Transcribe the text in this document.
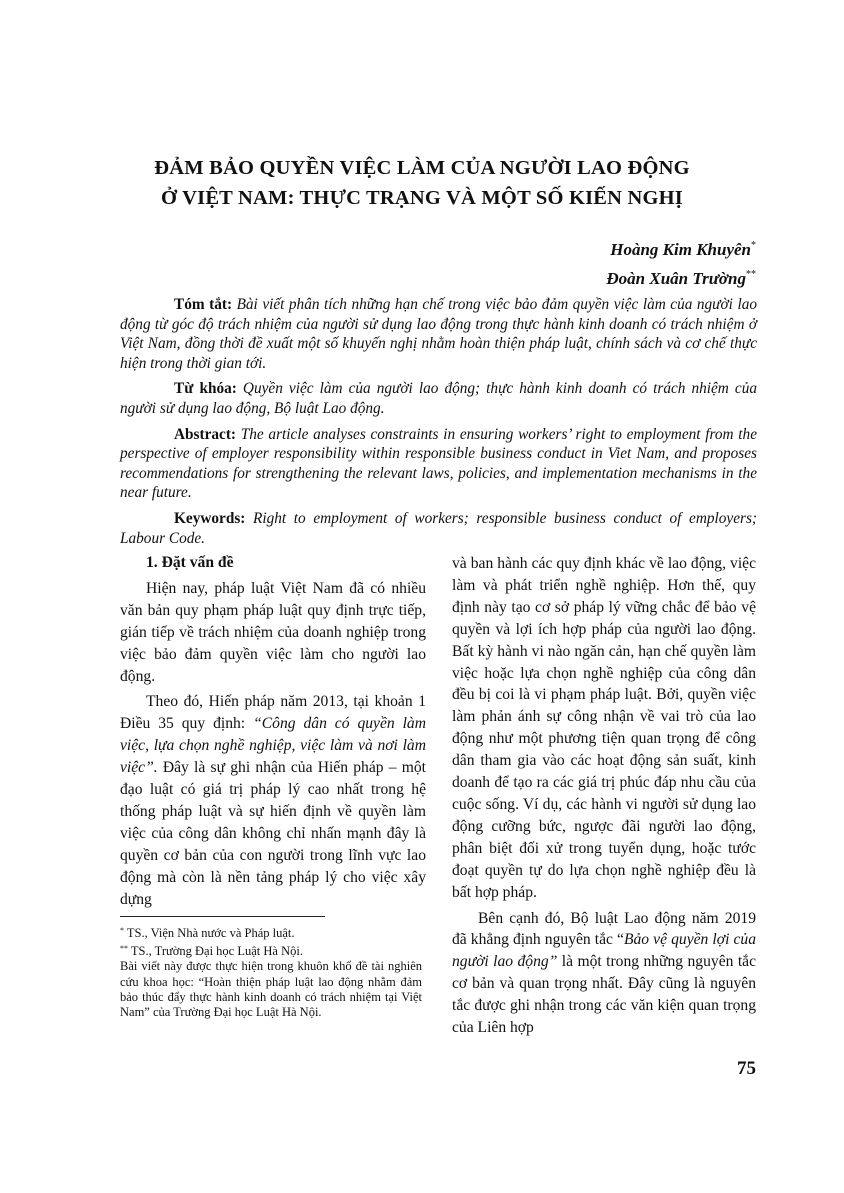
ĐẢM BẢO QUYỀN VIỆC LÀM CỦA NGƯỜI LAO ĐỘNG
Ở VIỆT NAM: THỰC TRẠNG VÀ MỘT SỐ KIẾN NGHỊ
Hoàng Kim Khuyên*
Đoàn Xuân Trường**

Tóm tắt: Bài viết phân tích những hạn chế trong việc bảo đảm quyền việc làm của người lao động từ góc độ trách nhiệm của người sử dụng lao động trong thực hành kinh doanh có trách nhiệm ở Việt Nam, đồng thời đề xuất một số khuyến nghị nhằm hoàn thiện pháp luật, chính sách và cơ chế thực hiện trong thời gian tới.

Từ khóa: Quyền việc làm của người lao động; thực hành kinh doanh có trách nhiệm của người sử dụng lao động, Bộ luật Lao động.

Abstract: The article analyses constraints in ensuring workers’ right to employment from the perspective of employer responsibility within responsible business conduct in Viet Nam, and proposes recommendations for strengthening the relevant laws, policies, and implementation mechanisms in the near future.

Keywords: Right to employment of workers; responsible business conduct of employers; Labour Code.

1. Đặt vấn đề

Hiện nay, pháp luật Việt Nam đã có nhiều văn bản quy phạm pháp luật quy định trực tiếp, gián tiếp về trách nhiệm của doanh nghiệp trong việc bảo đảm quyền việc làm cho người lao động.

Theo đó, Hiến pháp năm 2013, tại khoản 1 Điều 35 quy định: “Công dân có quyền làm việc, lựa chọn nghề nghiệp, việc làm và nơi làm việc”. Đây là sự ghi nhận của Hiến pháp – một đạo luật có giá trị pháp lý cao nhất trong hệ thống pháp luật và sự hiến định về quyền làm việc của công dân không chỉ nhấn mạnh đây là quyền cơ bản của con người trong lĩnh vực lao động mà còn là nền tảng pháp lý cho việc xây dựng

và ban hành các quy định khác về lao động, việc làm và phát triển nghề nghiệp. Hơn thế, quy định này tạo cơ sở pháp lý vững chắc để bảo vệ quyền và lợi ích hợp pháp của người lao động. Bất kỳ hành vi nào ngăn cản, hạn chế quyền làm việc hoặc lựa chọn nghề nghiệp của công dân đều bị coi là vi phạm pháp luật. Bởi, quyền việc làm phản ánh sự công nhận về vai trò của lao động như một phương tiện quan trọng để công dân tham gia vào các hoạt động sản suất, kinh doanh để tạo ra các giá trị phúc đáp nhu cầu của cuộc sống. Ví dụ, các hành vi người sử dụng lao động cưỡng bức, ngược đãi người lao động, phân biệt đối xử trong tuyển dụng, hoặc tước đoạt quyền tự do lựa chọn nghề nghiệp đều là bất hợp pháp.

Bên cạnh đó, Bộ luật Lao động năm 2019 đã khẳng định nguyên tắc “Bảo vệ quyền lợi của người lao động” là một trong những nguyên tắc cơ bản và quan trọng nhất. Đây cũng là nguyên tắc được ghi nhận trong các văn kiện quan trọng của Liên hợp

* TS., Viện Nhà nước và Pháp luật.

** TS., Trường Đại học Luật Hà Nội.

Bài viết này được thực hiện trong khuôn khổ đề tài nghiên cứu khoa học: “Hoàn thiện pháp luật lao động nhằm đảm bảo thúc đẩy thực hành kinh doanh có trách nhiệm tại Việt Nam” của Trường Đại học Luật Hà Nội.

75
